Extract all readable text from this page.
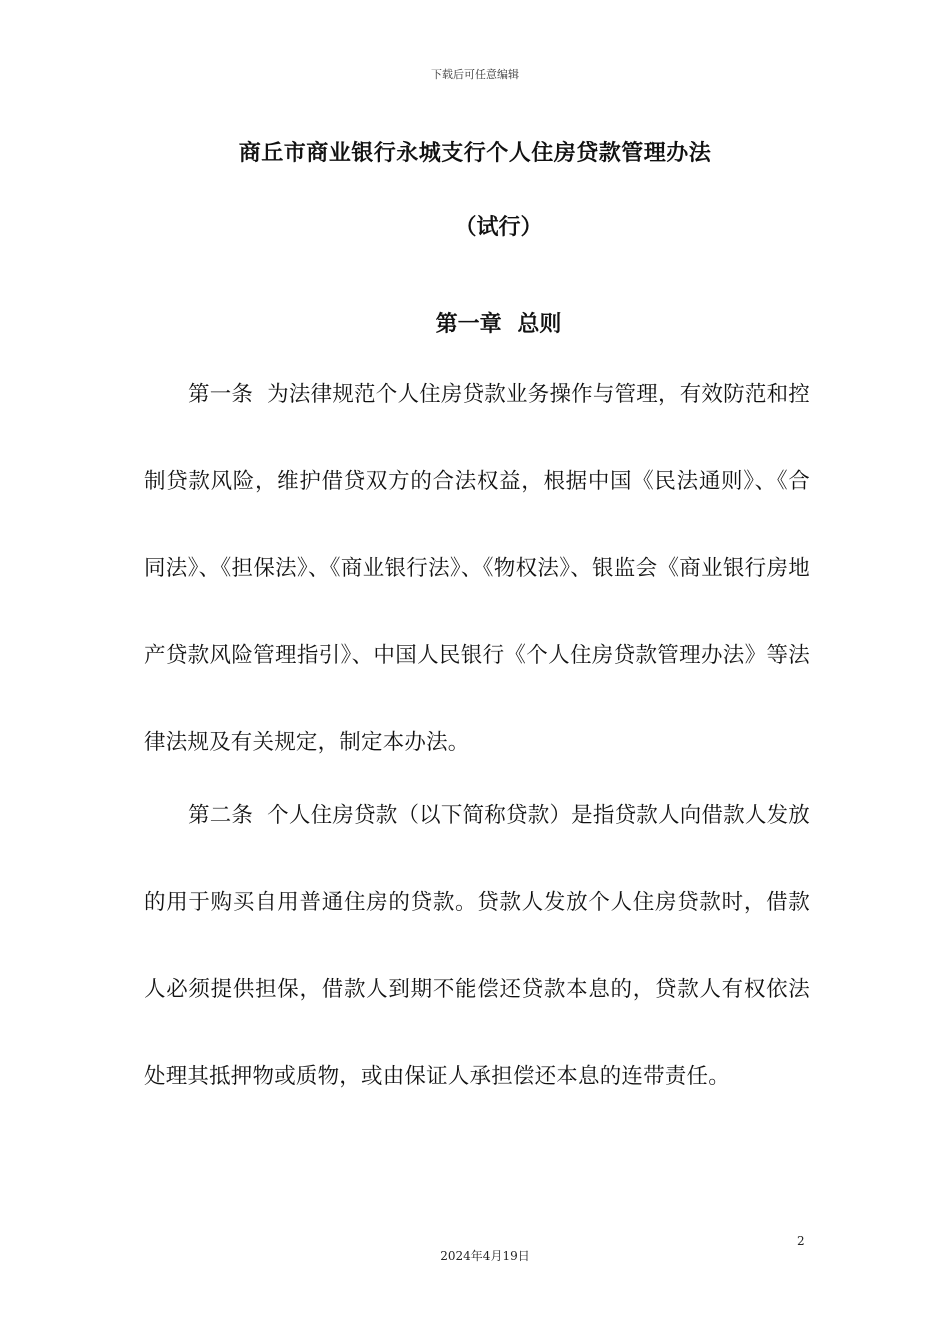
下载后可任意编辑
商丘市商业银行永城支行个人住房贷款管理办法
（试行）
第一章 总则

第一条 为法律规范个人住房贷款业务操作与管理，有效防范和控制贷款风险，维护借贷双方的合法权益，根据中国《民法通则》、《合同法》、《担保法》、《商业银行法》、《物权法》、银监会《商业银行房地产贷款风险管理指引》、中国人民银行《个人住房贷款管理办法》等法律法规及有关规定，制定本办法。

第二条 个人住房贷款（以下简称贷款）是指贷款人向借款人发放的用于购买自用普通住房的贷款。贷款人发放个人住房贷款时，借款人必须提供担保，借款人到期不能偿还贷款本息的，贷款人有权依法处理其抵押物或质物，或由保证人承担偿还本息的连带责任。

2
2024年4月19日
